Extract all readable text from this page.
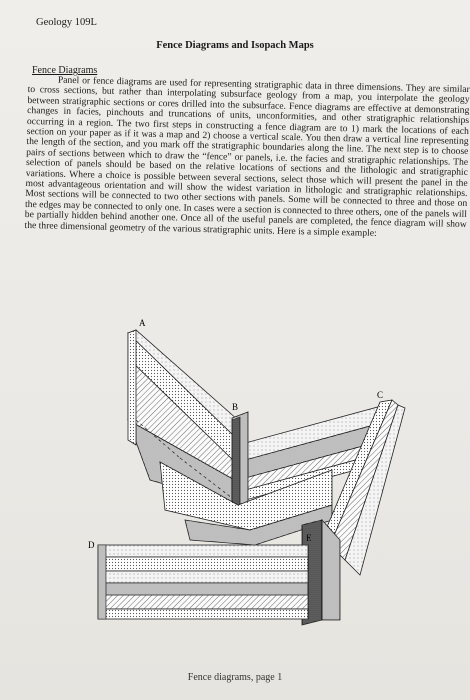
Geology 109L
Fence Diagrams and Isopach Maps
Fence Diagrams

Panel or fence diagrams are used for representing stratigraphic data in three dimensions. They are similar to cross sections, but rather than interpolating subsurface geology from a map, you interpolate the geology between stratigraphic sections or cores drilled into the subsurface. Fence diagrams are effective at demonstrating changes in facies, pinchouts and truncations of units, unconformities, and other stratigraphic relationships occurring in a region. The two first steps in constructing a fence diagram are to 1) mark the locations of each section on your paper as if it was a map and 2) choose a vertical scale. You then draw a vertical line representing the length of the section, and you mark off the stratigraphic boundaries along the line. The next step is to choose pairs of sections between which to draw the “fence” or panels, i.e. the facies and stratigraphic relationships. The selection of panels should be based on the relative locations of sections and the lithologic and stratigraphic variations. Where a choice is possible between several sections, select those which will present the panel in the most advantageous orientation and will show the widest variation in lithologic and stratigraphic relationships. Most sections will be connected to two other sections with panels. Some will be connected to three and those on the edges may be connected to only one. In cases were a section is connected to three others, one of the panels will be partially hidden behind another one. Once all of the useful panels are completed, the fence diagram will show the three dimensional geometry of the various stratigraphic units. Here is a simple example:

A
B
C
D
E
Fence diagrams, page 1
